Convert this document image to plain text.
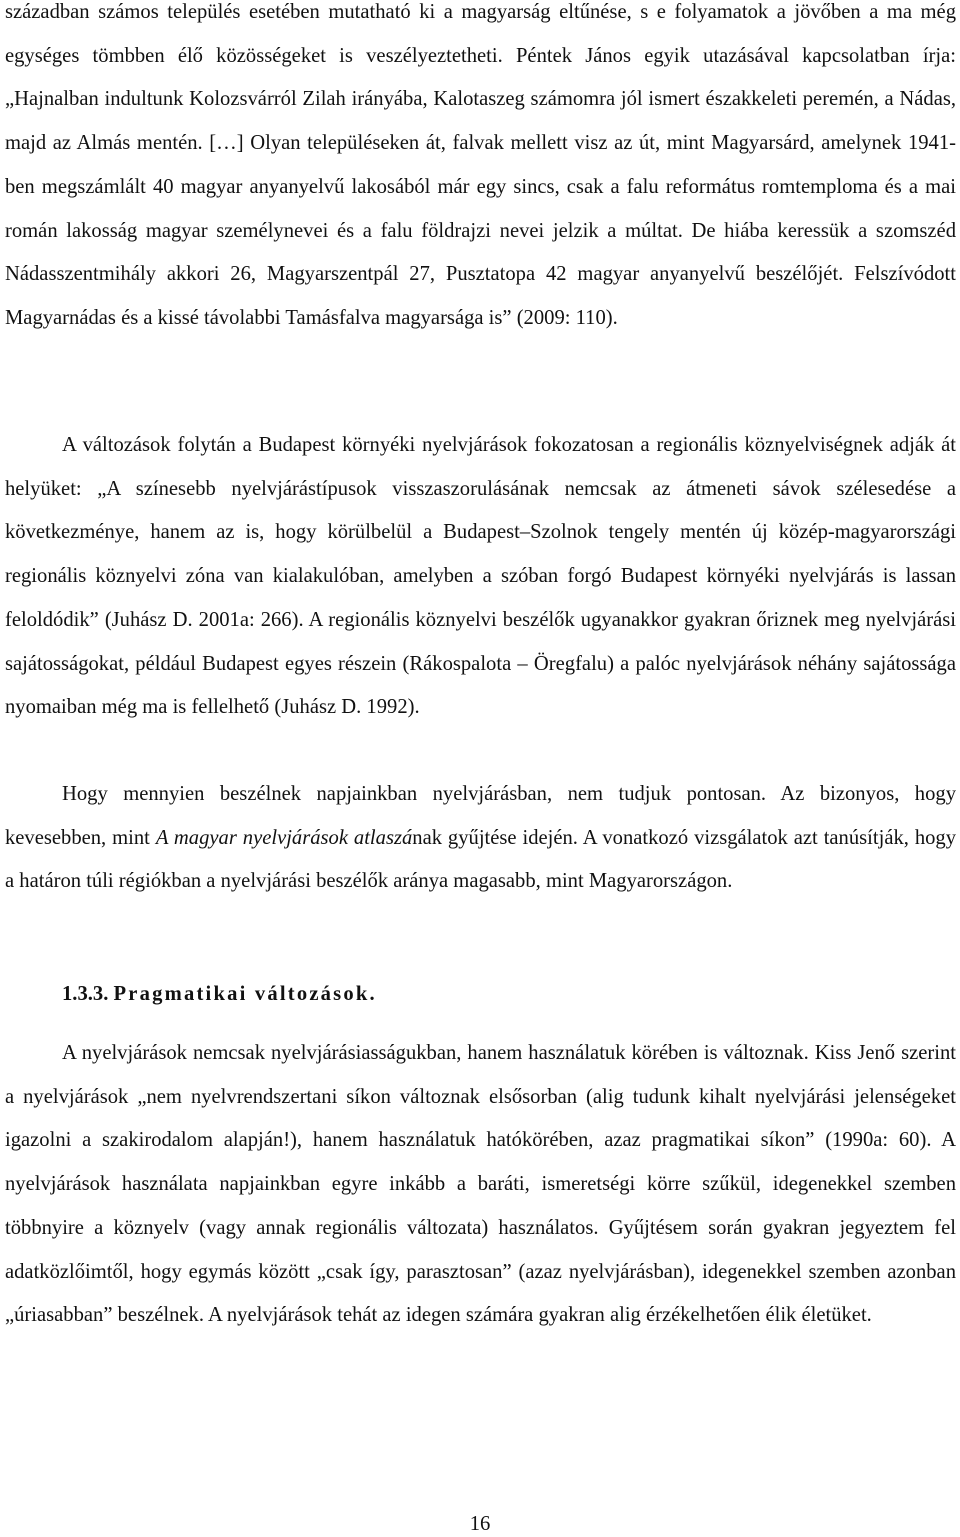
században számos település esetében mutatható ki a magyarság eltűnése, s e folyamatok a jövőben a ma még egységes tömbben élő közösségeket is veszélyeztetheti. Péntek János egyik utazásával kapcsolatban írja: „Hajnalban indultunk Kolozsvárról Zilah irányába, Kalotaszeg számomra jól ismert északkeleti peremén, a Nádas, majd az Almás mentén. […] Olyan településeken át, falvak mellett visz az út, mint Magyarsárd, amelynek 1941-ben megszámlált 40 magyar anyanyelvű lakosából már egy sincs, csak a falu református romtemploma és a mai román lakosság magyar személynevei és a falu földrajzi nevei jelzik a múltat. De hiába keressük a szomszéd Nádasszentmihály akkori 26, Magyarszentpál 27, Pusztatopa 42 magyar anyanyelvű beszélőjét. Felszívódott Magyarnádas és a kissé távolabbi Tamásfalva magyarsága is” (2009: 110).

A változások folytán a Budapest környéki nyelvjárások fokozatosan a regionális köznyelviségnek adják át helyüket: „A színesebb nyelvjárástípusok visszaszorulásának nemcsak az átmeneti sávok szélesedése a következménye, hanem az is, hogy körülbelül a Budapest–Szolnok tengely mentén új közép-magyarországi regionális köznyelvi zóna van kialakulóban, amelyben a szóban forgó Budapest környéki nyelvjárás is lassan feloldódik” (Juhász D. 2001a: 266). A regionális köznyelvi beszélők ugyanakkor gyakran őriznek meg nyelvjárási sajátosságokat, például Budapest egyes részein (Rákospalota – Öregfalu) a palóc nyelvjárások néhány sajátossága nyomaiban még ma is fellelhető (Juhász D. 1992).

Hogy mennyien beszélnek napjainkban nyelvjárásban, nem tudjuk pontosan. Az bizonyos, hogy kevesebben, mint A magyar nyelvjárások atlaszának gyűjtése idején. A vonatkozó vizsgálatok azt tanúsítják, hogy a határon túli régiókban a nyelvjárási beszélők aránya magasabb, mint Magyarországon.

1.3.3. Pragmatikai változások.

A nyelvjárások nemcsak nyelvjárásiasságukban, hanem használatuk körében is változnak. Kiss Jenő szerint a nyelvjárások „nem nyelvrendszertani síkon változnak elsősorban (alig tudunk kihalt nyelvjárási jelenségeket igazolni a szakirodalom alapján!), hanem használatuk hatókörében, azaz pragmatikai síkon” (1990a: 60). A nyelvjárások használata napjainkban egyre inkább a baráti, ismeretségi körre szűkül, idegenekkel szemben többnyire a köznyelv (vagy annak regionális változata) használatos. Gyűjtésem során gyakran jegyeztem fel adatközlőimtől, hogy egymás között „csak így, parasztosan” (azaz nyelvjárásban), idegenekkel szemben azonban „úriasabban” beszélnek. A nyelvjárások tehát az idegen számára gyakran alig érzékelhetően élik életüket.

16
